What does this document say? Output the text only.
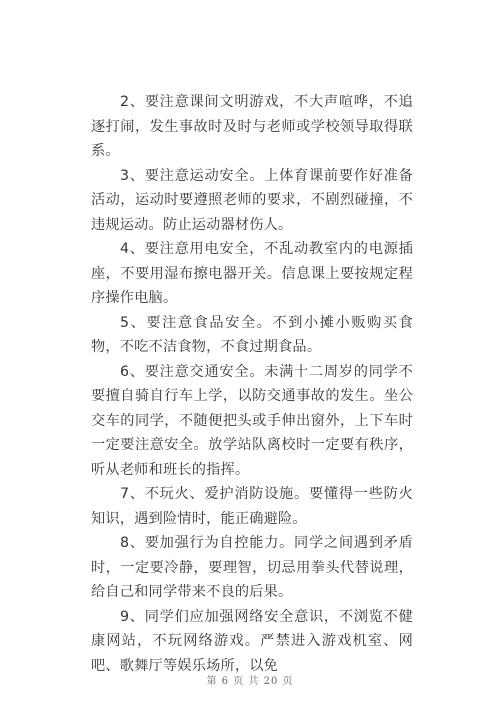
2、要注意课间文明游戏，不大声喧哗，不追逐打闹，发生事故时及时与老师或学校领导取得联系。

3、要注意运动安全。上体育课前要作好准备活动，运动时要遵照老师的要求，不剧烈碰撞，不违规运动。防止运动器材伤人。

4、要注意用电安全，不乱动教室内的电源插座，不要用湿布擦电器开关。信息课上要按规定程序操作电脑。

5、要注意食品安全。不到小摊小贩购买食物，不吃不洁食物，不食过期食品。

6、要注意交通安全。未满十二周岁的同学不要擅自骑自行车上学，以防交通事故的发生。坐公交车的同学，不随便把头或手伸出窗外，上下车时一定要注意安全。放学站队离校时一定要有秩序，听从老师和班长的指挥。

7、不玩火、爱护消防设施。要懂得一些防火知识，遇到险情时，能正确避险。

8、要加强行为自控能力。同学之间遇到矛盾时，一定要冷静，要理智，切忌用拳头代替说理，给自己和同学带来不良的后果。

9、同学们应加强网络安全意识，不浏览不健康网站，不玩网络游戏。严禁进入游戏机室、网吧、歌舞厅等娱乐场所，以免

第 6 页 共 20 页
